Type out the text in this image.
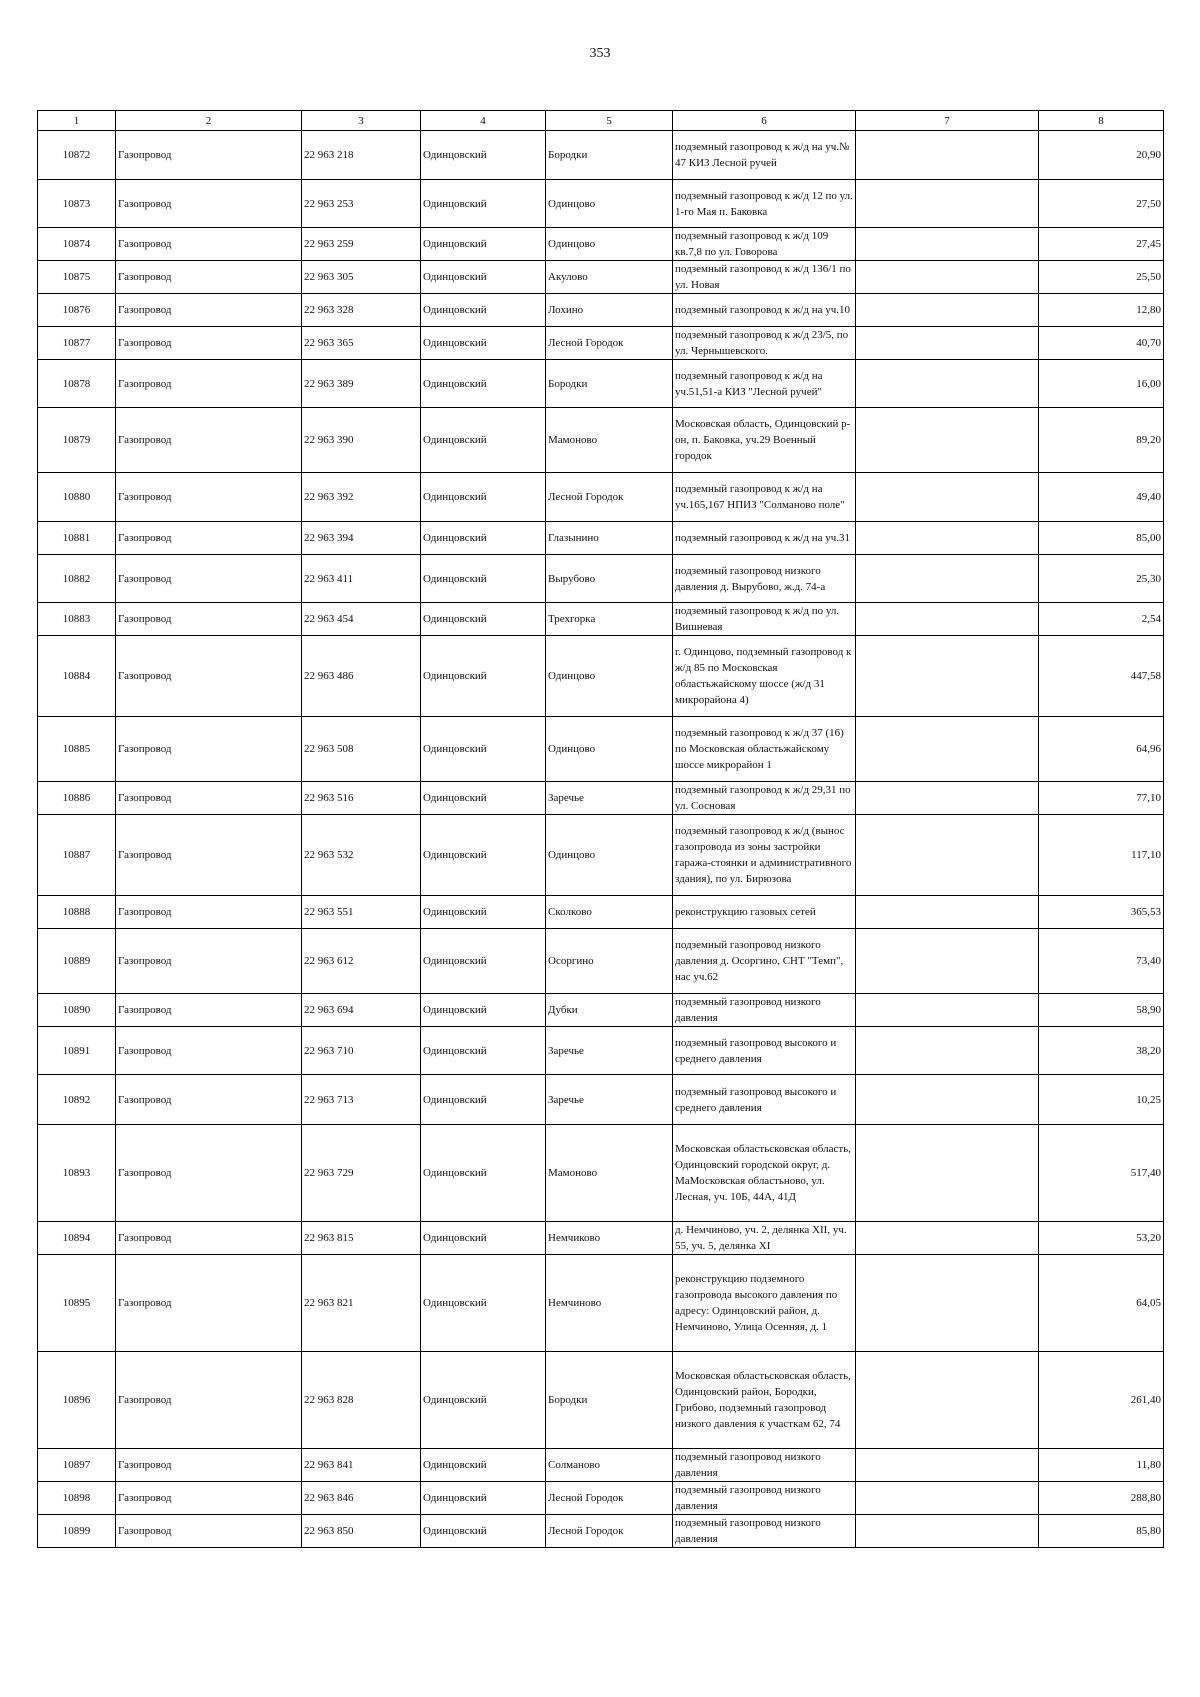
353
1	2	3	4	5	6	7	8
10872	Газопровод	22 963 218	Одинцовский	Бородки	подземный газопровод к ж/д на уч.№ 47 КИЗ Лесной ручей		20,90
10873	Газопровод	22 963 253	Одинцовский	Одинцово	подземный газопровод к ж/д 12 по ул. 1-го Мая п. Баковка		27,50
10874	Газопровод	22 963 259	Одинцовский	Одинцово	подземный газопровод к ж/д 109 кв.7,8 по ул. Говорова		27,45
10875	Газопровод	22 963 305	Одинцовский	Акулово	подземный газопровод к ж/д 136/1 по ул. Новая		25,50
10876	Газопровод	22 963 328	Одинцовский	Лохино	подземный газопровод к ж/д на уч.10		12,80
10877	Газопровод	22 963 365	Одинцовский	Лесной Городок	подземный газопровод к ж/д 23/5, по ул. Чернышевского.		40,70
10878	Газопровод	22 963 389	Одинцовский	Бородки	подземный газопровод к ж/д на уч.51,51-а КИЗ "Лесной ручей"		16,00
10879	Газопровод	22 963 390	Одинцовский	Мамоново	Московская область, Одинцовский р-он, п. Баковка, уч.29 Военный городок		89,20
10880	Газопровод	22 963 392	Одинцовский	Лесной Городок	подземный газопровод к ж/д на уч.165,167 НПИЗ "Солманово поле"		49,40
10881	Газопровод	22 963 394	Одинцовский	Глазынино	подземный газопровод к ж/д на уч.31		85,00
10882	Газопровод	22 963 411	Одинцовский	Вырубово	подземный газопровод низкого давления д. Вырубово, ж.д. 74-а		25,30
10883	Газопровод	22 963 454	Одинцовский	Трехгорка	подземный газопровод к ж/д по ул. Вишневая		2,54
10884	Газопровод	22 963 486	Одинцовский	Одинцово	г. Одинцово, подземный газопровод к ж/д 85 по Московская областьжайскому шоссе (ж/д 31 микрорайона 4)		447,58
10885	Газопровод	22 963 508	Одинцовский	Одинцово	подземный газопровод к ж/д 37 (16) по Московская областьжайскому шоссе микрорайон 1		64,96
10886	Газопровод	22 963 516	Одинцовский	Заречье	подземный газопровод к ж/д 29,31 по ул. Сосновая		77,10
10887	Газопровод	22 963 532	Одинцовский	Одинцово	подземный газопровод к ж/д (вынос газопровода из зоны застройки гаража-стоянки и административного здания), по ул. Бирюзова		117,10
10888	Газопровод	22 963 551	Одинцовский	Сколково	реконструкцию газовых сетей		365,53
10889	Газопровод	22 963 612	Одинцовский	Осоргино	подземный газопровод низкого давления д. Осоргино, СНТ "Темп", нас уч.62		73,40
10890	Газопровод	22 963 694	Одинцовский	Дубки	подземный газопровод низкого давления		58,90
10891	Газопровод	22 963 710	Одинцовский	Заречье	подземный газопровод высокого и среднего давления		38,20
10892	Газопровод	22 963 713	Одинцовский	Заречье	подземный газопровод высокого и среднего давления		10,25
10893	Газопровод	22 963 729	Одинцовский	Мамоново	Московская областьсковская область, Одинцовский городской округ, д. МаМосковская областьново, ул. Лесная, уч. 10Б, 44А, 41Д		517,40
10894	Газопровод	22 963 815	Одинцовский	Немчиково	д. Немчиново, уч. 2, делянка XII, уч. 55, уч. 5, делянка XI		53,20
10895	Газопровод	22 963 821	Одинцовский	Немчиново	реконструкцию подземного газопровода высокого давления по адресу: Одинцовский район, д. Немчиново, Улица Осенняя, д. 1		64,05
10896	Газопровод	22 963 828	Одинцовский	Бородки	Московская областьсковская область, Одинцовский район, Бородки, Грибово, подземный газопровод низкого давления к участкам 62, 74		261,40
10897	Газопровод	22 963 841	Одинцовский	Солманово	подземный газопровод низкого давления		11,80
10898	Газопровод	22 963 846	Одинцовский	Лесной Городок	подземный газопровод низкого давления		288,80
10899	Газопровод	22 963 850	Одинцовский	Лесной Городок	подземный газопровод низкого давления		85,80
